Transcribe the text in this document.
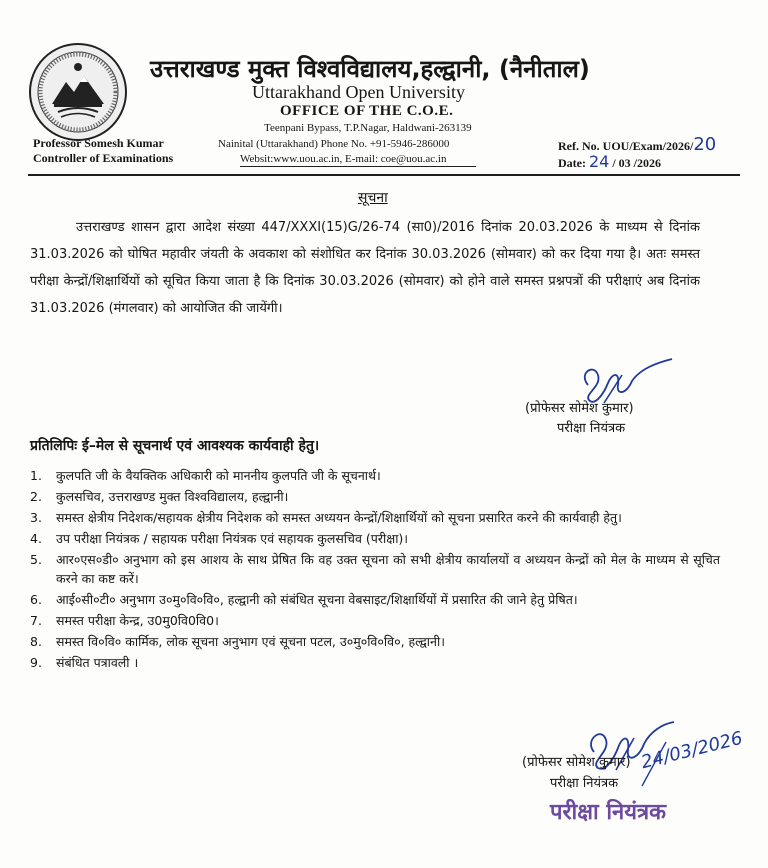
उत्तराखण्ड मुक्त विश्वविद्यालय,हल्द्वानी, (नैनीताल)
Uttarakhand Open University
OFFICE OF THE C.O.E.
Teenpani Bypass, T.P.Nagar, Haldwani-263139
Nainital (Uttarakhand) Phone No. +91-5946-286000
Websit:www.uou.ac.in, E-mail: coe@uou.ac.in
Professor Somesh Kumar
Controller of Examinations
Ref. No. UOU/Exam/2026/20
Date: 24 / 03 /2026
सूचना
उत्तराखण्ड शासन द्वारा आदेश संख्या 447/XXXI(15)G/26-74 (सा0)/2016 दिनांक 20.03.2026 के माध्यम से दिनांक 31.03.2026 को घोषित महावीर जंयती के अवकाश को संशोधित कर दिनांक 30.03.2026 (सोमवार) को कर दिया गया है। अतः समस्त परीक्षा केन्द्रों/शिक्षार्थियों को सूचित किया जाता है कि दिनांक 30.03.2026 (सोमवार) को होने वाले समस्त प्रश्नपत्रों की परीक्षाएं अब दिनांक 31.03.2026 (मंगलवार) को आयोजित की जायेंगी।
(प्रोफेसर सोमेश कुमार)
परीक्षा नियंत्रक
प्रतिलिपिः ई–मेल से सूचनार्थ एवं आवश्यक कार्यवाही हेतु।
1.	कुलपति जी के वैयक्तिक अधिकारी को माननीय कुलपति जी के सूचनार्थ।
2.	कुलसचिव, उत्तराखण्ड मुक्त विश्वविद्यालय, हल्द्वानी।
3.	समस्त क्षेत्रीय निदेशक/सहायक क्षेत्रीय निदेशक को समस्त अध्ययन केन्द्रों/शिक्षार्थियों को सूचना प्रसारित करने की कार्यवाही हेतु।
4.	उप परीक्षा नियंत्रक / सहायक परीक्षा नियंत्रक एवं सहायक कुलसचिव (परीक्षा)।
5.	आर०एस०डी० अनुभाग को इस आशय के साथ प्रेषित कि वह उक्त सूचना को सभी क्षेत्रीय कार्यालयों व अध्ययन केन्द्रों को मेल के माध्यम से सूचित करने का कष्ट करें।
6.	आई०सी०टी० अनुभाग उ०मु०वि०वि०, हल्द्वानी को संबंधित सूचना वेबसाइट/शिक्षार्थियों में प्रसारित की जाने हेतु प्रेषित।
7.	समस्त परीक्षा केन्द्र, उ0मु0वि0वि0।
8.	समस्त वि०वि० कार्मिक, लोक सूचना अनुभाग एवं सूचना पटल, उ०मु०वि०वि०, हल्द्वानी।
9.	संबंधित पत्रावली ।
24/03/2026
(प्रोफेसर सोमेश कुमार)
परीक्षा नियंत्रक
परीक्षा नियंत्रक
